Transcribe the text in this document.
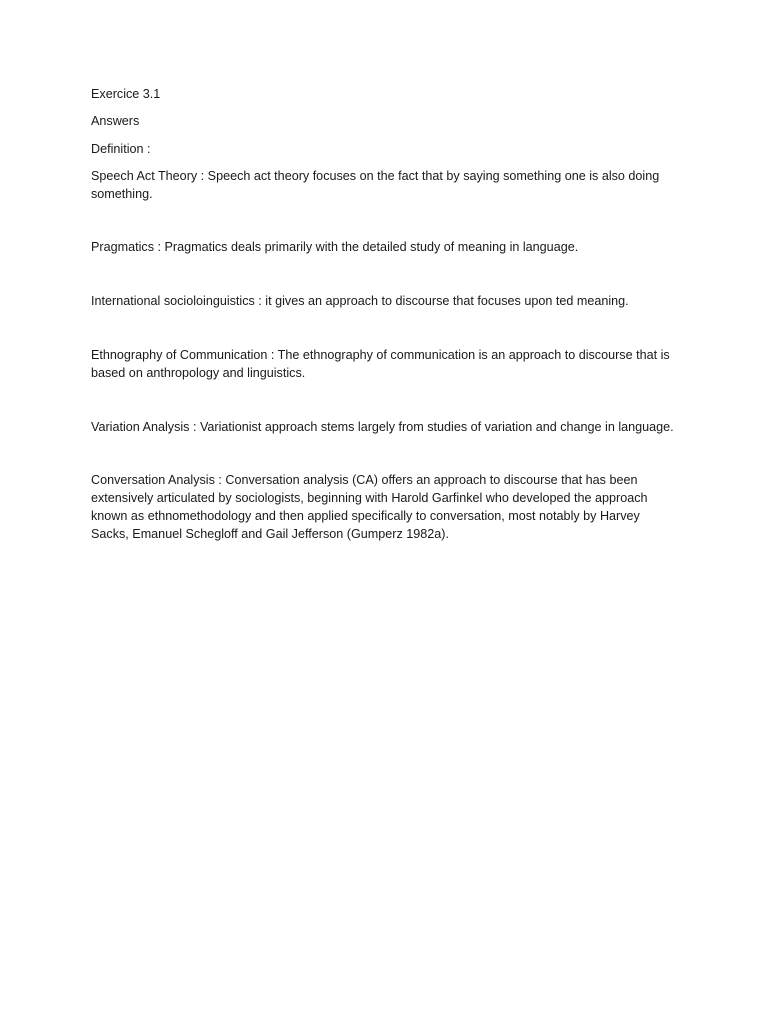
Exercice 3.1

Answers

Definition :

Speech Act Theory : Speech act theory focuses on the fact that by saying something one is also doing something.

Pragmatics : Pragmatics deals primarily with the detailed study of meaning in language.

International socioloinguistics : it gives an approach to discourse that focuses upon ted meaning.

Ethnography of Communication : The ethnography of communication is an approach to discourse that is based on anthropology and linguistics.

Variation Analysis : Variationist approach stems largely from studies of variation and change in language.

Conversation Analysis : Conversation analysis (CA) offers an approach to discourse that has been extensively articulated by sociologists, beginning with Harold Garfinkel who developed the approach known as ethnomethodology and then applied specifically to conversation, most notably by Harvey Sacks, Emanuel Schegloff and Gail Jefferson (Gumperz 1982a).
